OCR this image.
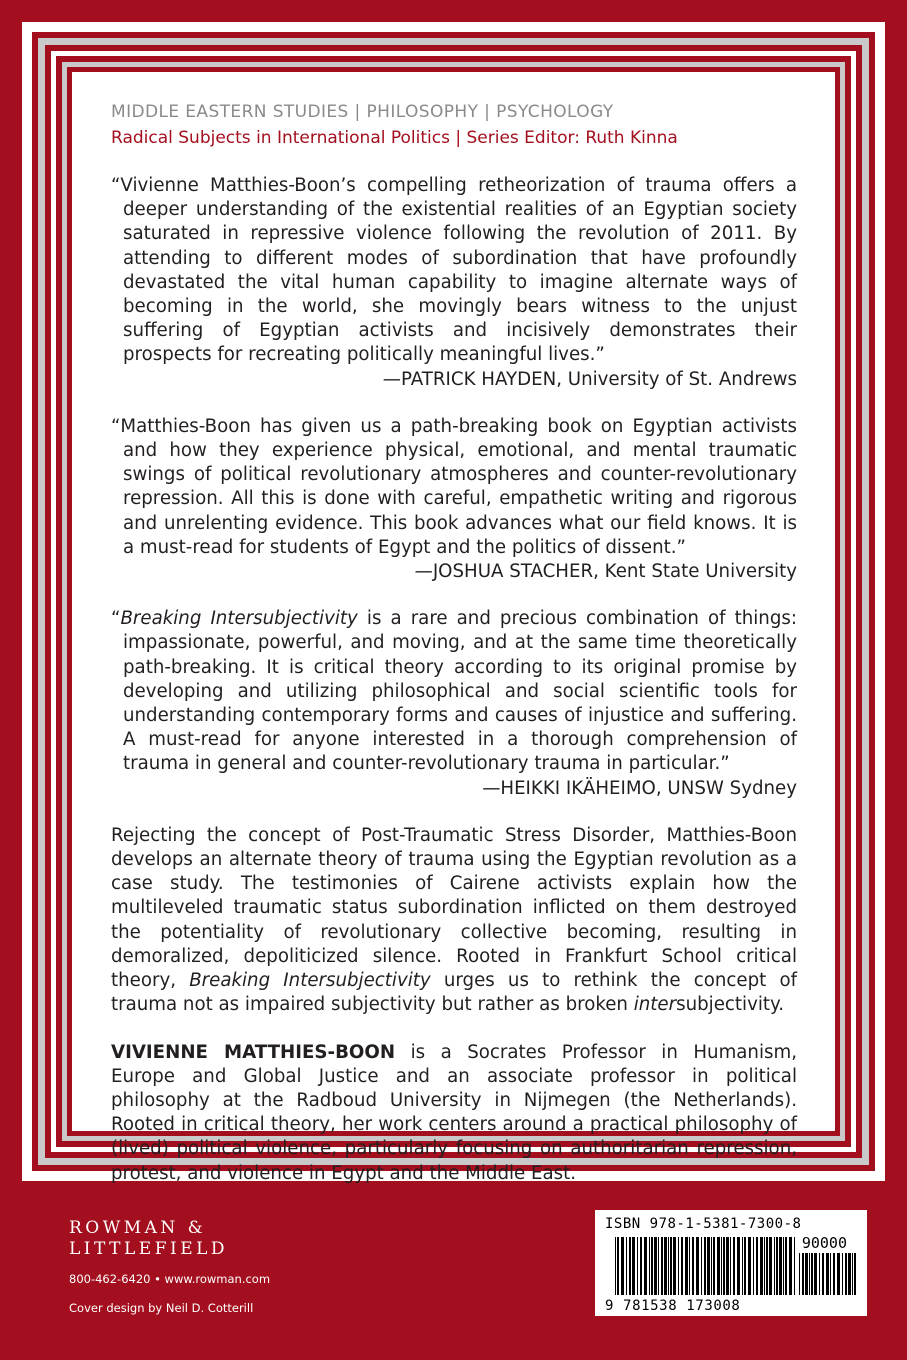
MIDDLE EASTERN STUDIES | PHILOSOPHY | PSYCHOLOGY
Radical Subjects in International Politics | Series Editor: Ruth Kinna

“Vivienne Matthies-Boon’s compelling retheorization of trauma offers a deeper understanding of the existential realities of an Egyptian society saturated in repressive violence following the revolution of 2011. By attending to different modes of subordination that have profoundly devastated the vital human capability to imagine alternate ways of becoming in the world, she movingly bears witness to the unjust suffering of Egyptian activists and incisively demonstrates their prospects for recreating politically meaningful lives.”
—PATRICK HAYDEN, University of St. Andrews

“Matthies-Boon has given us a path-breaking book on Egyptian activists and how they experience physical, emotional, and mental traumatic swings of political revolutionary atmospheres and counter-revolutionary repression. All this is done with careful, empathetic writing and rigorous and unrelenting evidence. This book advances what our field knows. It is a must-read for students of Egypt and the politics of dissent.”
—JOSHUA STACHER, Kent State University

“Breaking Intersubjectivity is a rare and precious combination of things: impassionate, powerful, and moving, and at the same time theoretically path-breaking. It is critical theory according to its original promise by developing and utilizing philosophical and social scientific tools for understanding contemporary forms and causes of injustice and suffering. A must-read for anyone interested in a thorough comprehension of trauma in general and counter-revolutionary trauma in particular.”
—HEIKKI IKÄHEIMO, UNSW Sydney

Rejecting the concept of Post-Traumatic Stress Disorder, Matthies-Boon develops an alternate theory of trauma using the Egyptian revolution as a case study. The testimonies of Cairene activists explain how the multileveled traumatic status subordination inflicted on them destroyed the potentiality of revolutionary collective becoming, resulting in demoralized, depoliticized silence. Rooted in Frankfurt School critical theory, Breaking Intersubjectivity urges us to rethink the concept of trauma not as impaired subjectivity but rather as broken intersubjectivity.

VIVIENNE MATTHIES-BOON is a Socrates Professor in Humanism, Europe and Global Justice and an associate professor in political philosophy at the Radboud University in Nijmegen (the Netherlands). Rooted in critical theory, her work centers around a practical philosophy of (lived) political violence, particularly focusing on authoritarian repression, protest, and violence in Egypt and the Middle East.

ROWMAN &
LITTLEFIELD
800-462-6420 • www.rowman.com
Cover design by Neil D. Cotterill
ISBN 978-1-5381-7300-8
90000
9 781538 173008
